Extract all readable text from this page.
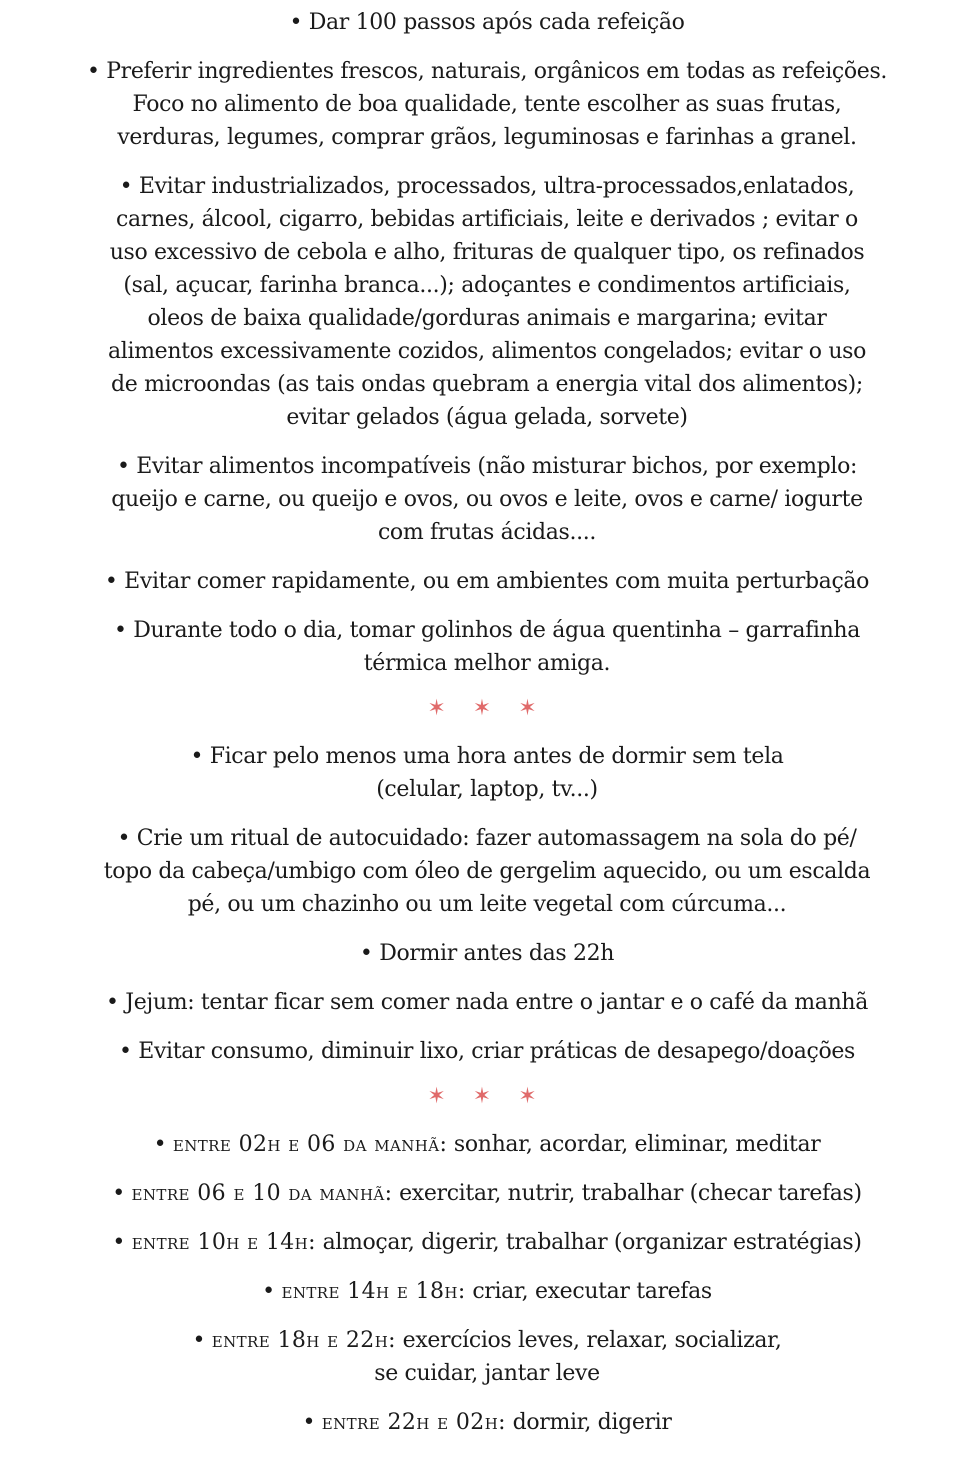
• Dar 100 passos após cada refeição
• Preferir ingredientes frescos, naturais, orgânicos em todas as refeições.
Foco no alimento de boa qualidade, tente escolher as suas frutas,
verduras, legumes, comprar grãos, leguminosas e farinhas a granel.
• Evitar industrializados, processados, ultra-processados,enlatados,
carnes, álcool, cigarro, bebidas artificiais, leite e derivados ; evitar o
uso excessivo de cebola e alho, frituras de qualquer tipo, os refinados
(sal, açucar, farinha branca...); adoçantes e condimentos artificiais,
oleos de baixa qualidade/gorduras animais e margarina; evitar
alimentos excessivamente cozidos, alimentos congelados; evitar o uso
de microondas (as tais ondas quebram a energia vital dos alimentos);
evitar gelados (água gelada, sorvete)
• Evitar alimentos incompatíveis (não misturar bichos, por exemplo:
queijo e carne, ou queijo e ovos, ou ovos e leite, ovos e carne/ iogurte
com frutas ácidas....
• Evitar comer rapidamente, ou em ambientes com muita perturbação
• Durante todo o dia, tomar golinhos de água quentinha – garrafinha
térmica melhor amiga.
✶ ✶ ✶
• Ficar pelo menos uma hora antes de dormir sem tela
(celular, laptop, tv...)
• Crie um ritual de autocuidado: fazer automassagem na sola do pé/
topo da cabeça/umbigo com óleo de gergelim aquecido, ou um escalda
pé, ou um chazinho ou um leite vegetal com cúrcuma...
• Dormir antes das 22h
• Jejum: tentar ficar sem comer nada entre o jantar e o café da manhã
• Evitar consumo, diminuir lixo, criar práticas de desapego/doações
✶ ✶ ✶
• entre 02h e 06 da manhã: sonhar, acordar, eliminar, meditar
• entre 06 e 10 da manhã: exercitar, nutrir, trabalhar (checar tarefas)
• entre 10h e 14h: almoçar, digerir, trabalhar (organizar estratégias)
• entre 14h e 18h: criar, executar tarefas
• entre 18h e 22h: exercícios leves, relaxar, socializar,
se cuidar, jantar leve
• entre 22h e 02h: dormir, digerir
